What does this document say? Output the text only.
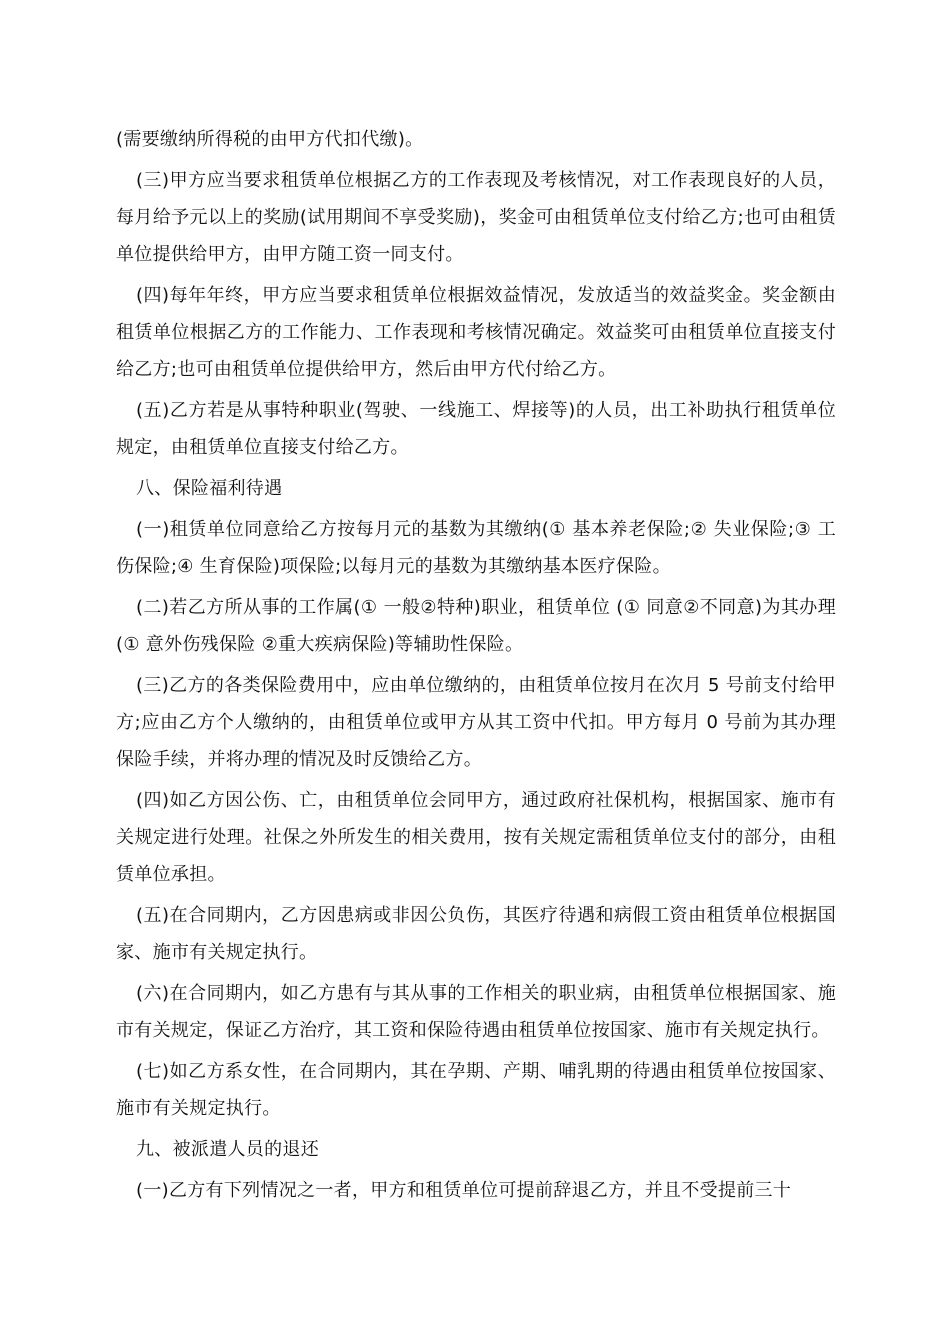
(需要缴纳所得税的由甲方代扣代缴)。

(三)甲方应当要求租赁单位根据乙方的工作表现及考核情况，对工作表现良好的人员，每月给予元以上的奖励(试用期间不享受奖励)，奖金可由租赁单位支付给乙方;也可由租赁单位提供给甲方，由甲方随工资一同支付。

(四)每年年终，甲方应当要求租赁单位根据效益情况，发放适当的效益奖金。奖金额由租赁单位根据乙方的工作能力、工作表现和考核情况确定。效益奖可由租赁单位直接支付给乙方;也可由租赁单位提供给甲方，然后由甲方代付给乙方。

(五)乙方若是从事特种职业(驾驶、一线施工、焊接等)的人员，出工补助执行租赁单位规定，由租赁单位直接支付给乙方。

八、保险福利待遇

(一)租赁单位同意给乙方按每月元的基数为其缴纳(① 基本养老保险;② 失业保险;③ 工伤保险;④ 生育保险)项保险;以每月元的基数为其缴纳基本医疗保险。

(二)若乙方所从事的工作属(① 一般②特种)职业，租赁单位 (① 同意②不同意)为其办理 (① 意外伤残保险 ②重大疾病保险)等辅助性保险。

(三)乙方的各类保险费用中，应由单位缴纳的，由租赁单位按月在次月 5 号前支付给甲方;应由乙方个人缴纳的，由租赁单位或甲方从其工资中代扣。甲方每月 0 号前为其办理保险手续，并将办理的情况及时反馈给乙方。

(四)如乙方因公伤、亡，由租赁单位会同甲方，通过政府社保机构，根据国家、施市有关规定进行处理。社保之外所发生的相关费用，按有关规定需租赁单位支付的部分，由租赁单位承担。

(五)在合同期内，乙方因患病或非因公负伤，其医疗待遇和病假工资由租赁单位根据国家、施市有关规定执行。

(六)在合同期内，如乙方患有与其从事的工作相关的职业病，由租赁单位根据国家、施市有关规定，保证乙方治疗，其工资和保险待遇由租赁单位按国家、施市有关规定执行。

(七)如乙方系女性，在合同期内，其在孕期、产期、哺乳期的待遇由租赁单位按国家、施市有关规定执行。

九、被派遣人员的退还

(一)乙方有下列情况之一者，甲方和租赁单位可提前辞退乙方，并且不受提前三十
